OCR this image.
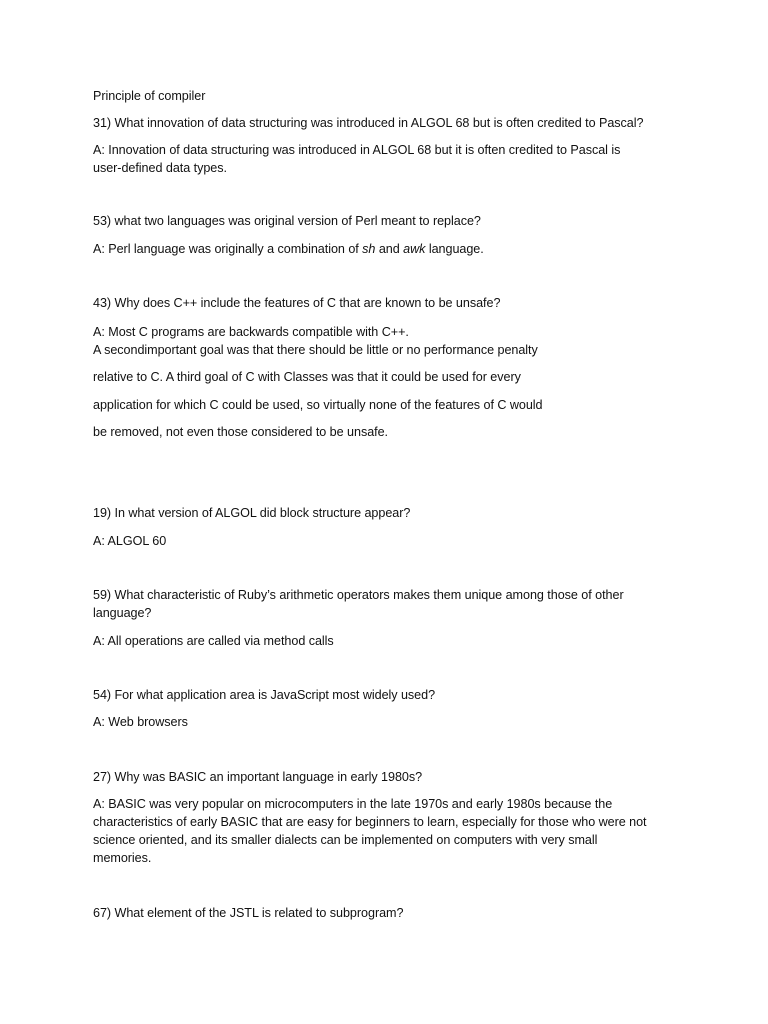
Principle of compiler
31) What innovation of data structuring was introduced in ALGOL 68 but is often credited to Pascal?
A: Innovation of data structuring was introduced in ALGOL 68 but it is often credited to Pascal is
user-defined data types.
53) what two languages was original version of Perl meant to replace?
A: Perl language was originally a combination of sh and awk language.
43) Why does C++ include the features of C that are known to be unsafe?
A: Most C programs are backwards compatible with C++.
A secondimportant goal was that there should be little or no performance penalty
relative to C. A third goal of C with Classes was that it could be used for every
application for which C could be used, so virtually none of the features of C would
be removed, not even those considered to be unsafe.
19) In what version of ALGOL did block structure appear?
A: ALGOL 60
59) What characteristic of Ruby’s arithmetic operators makes them unique among those of other
language?
A: All operations are called via method calls
54) For what application area is JavaScript most widely used?
A: Web browsers
27) Why was BASIC an important language in early 1980s?
A: BASIC was very popular on microcomputers in the late 1970s and early 1980s because the
characteristics of early BASIC that are easy for beginners to learn, especially for those who were not
science oriented, and its smaller dialects can be implemented on computers with very small
memories.
67) What element of the JSTL is related to subprogram?
